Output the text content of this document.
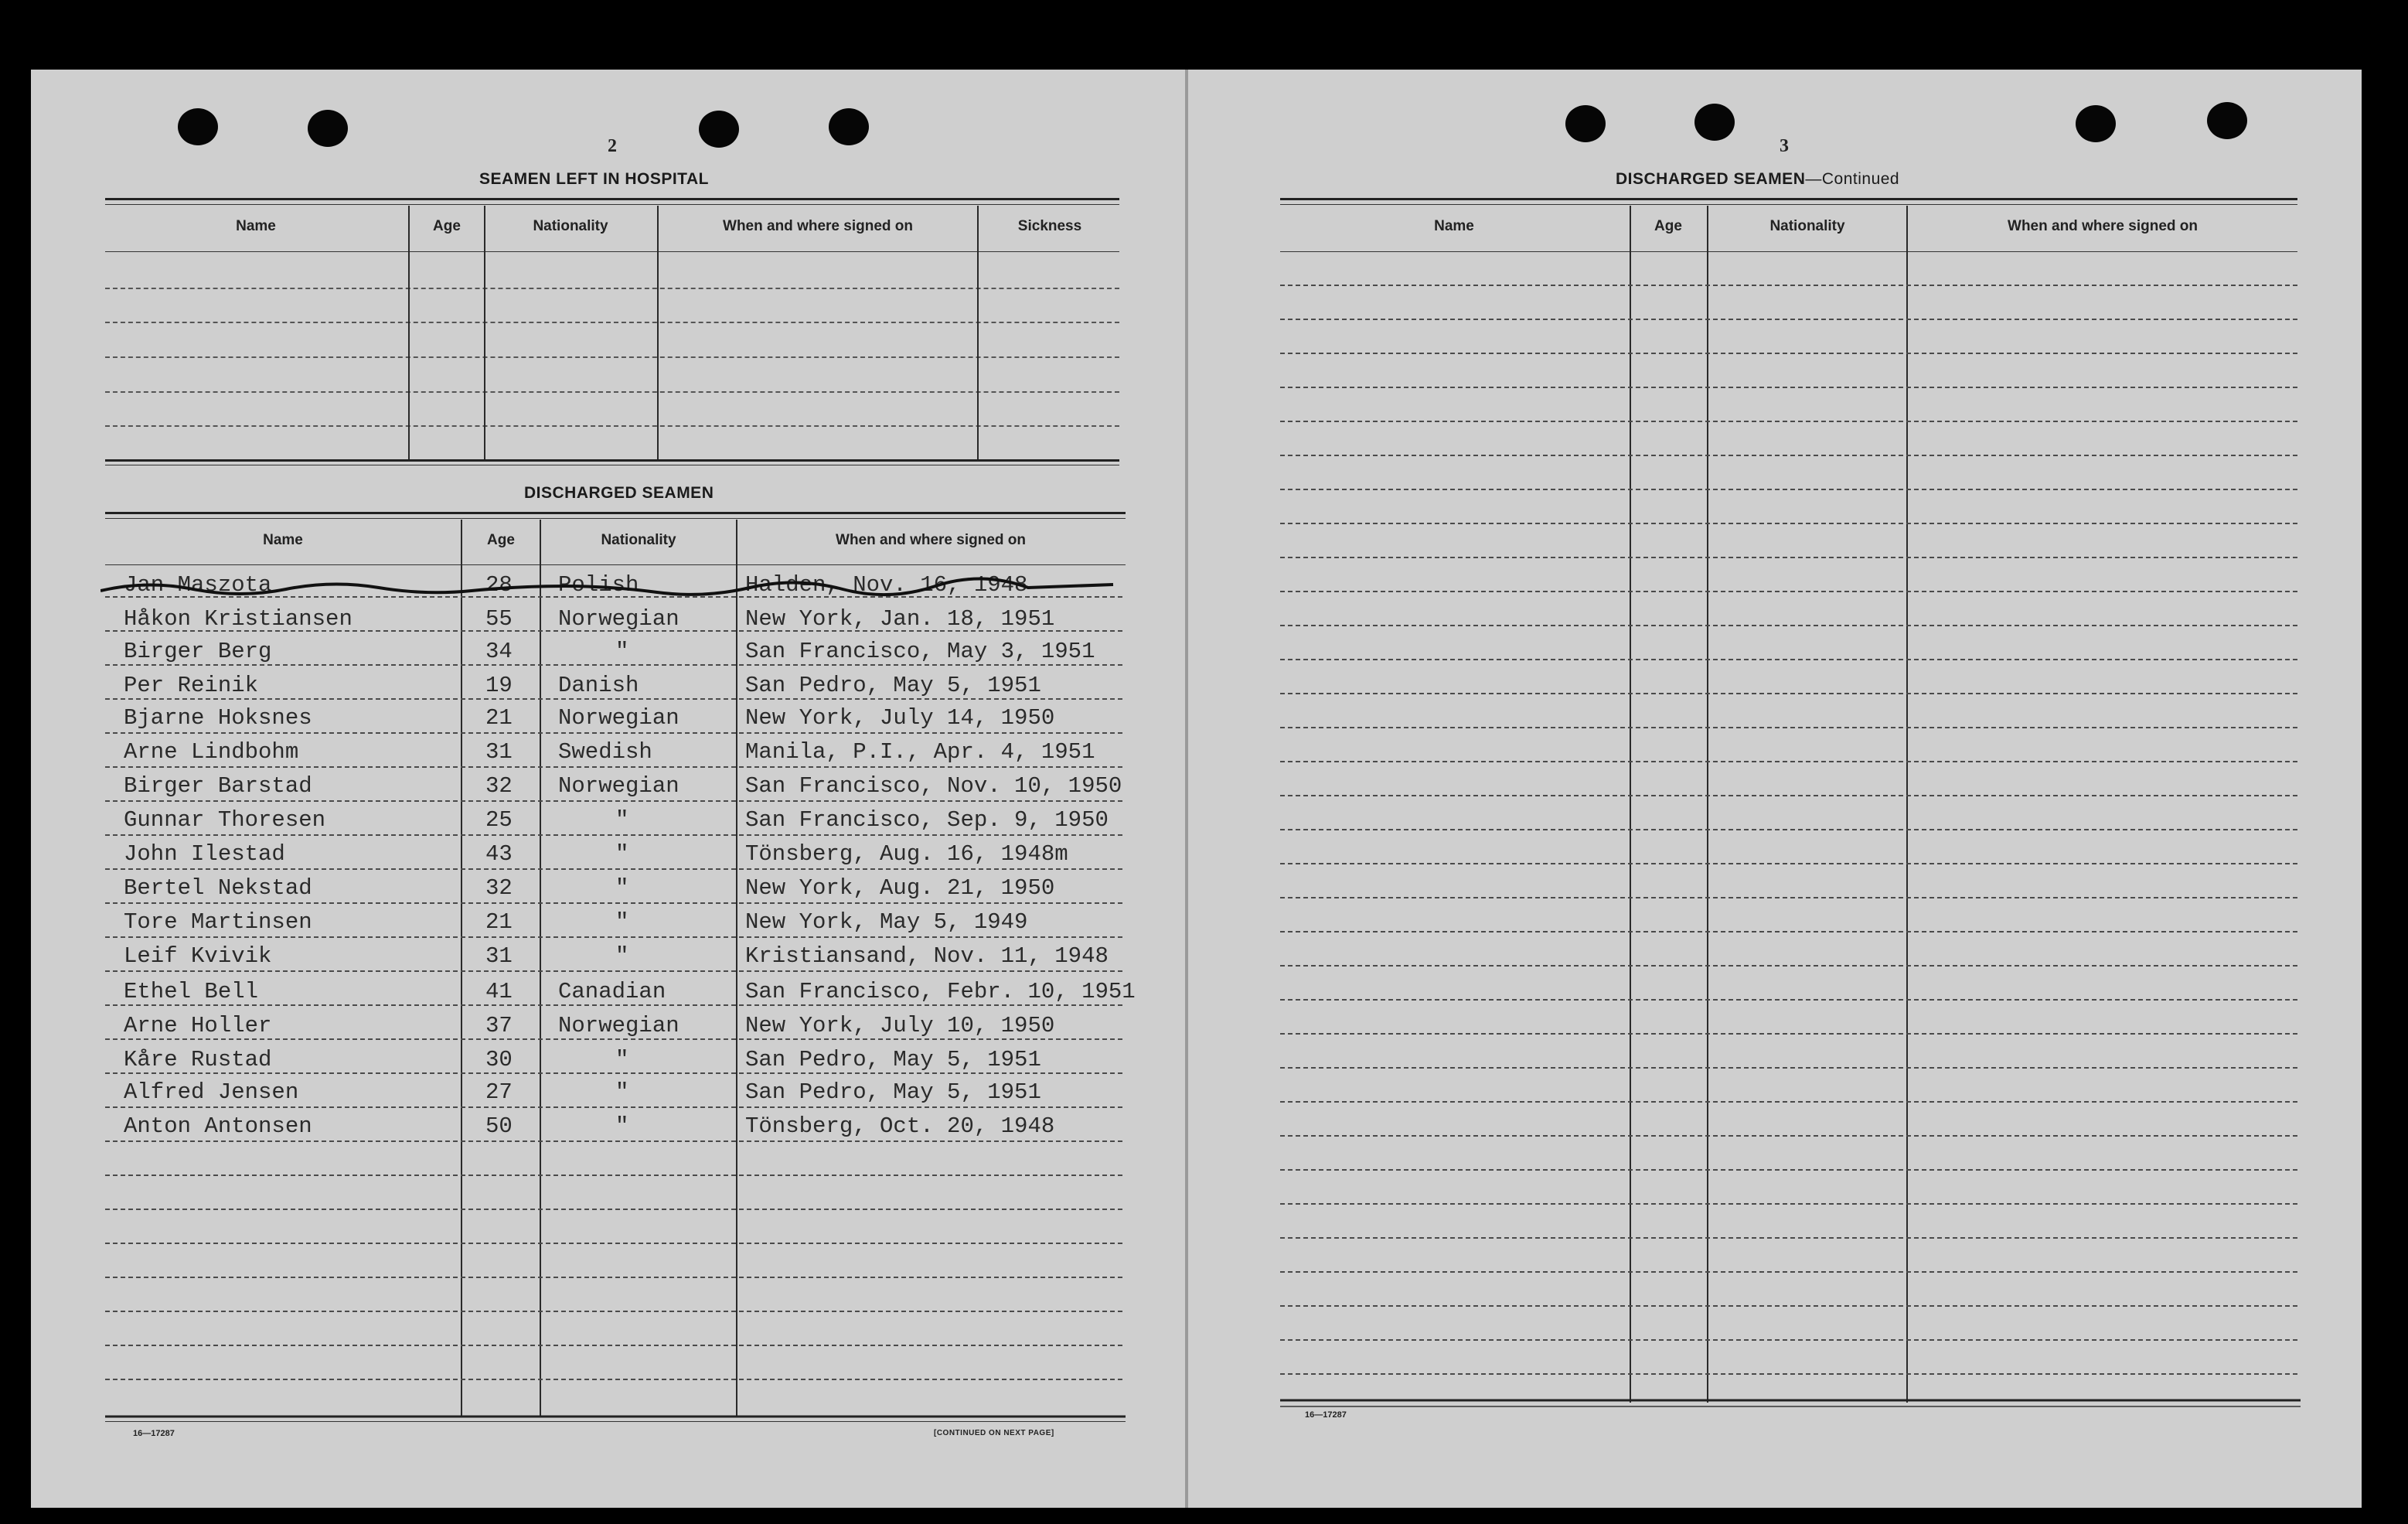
2
SEAMEN LEFT IN HOSPITAL
Name	Age	Nationality	When and where signed on	Sickness
DISCHARGED SEAMEN
Name	Age	Nationality	When and where signed on
Jan Maszota	28 Polish	Halden, Nov. 16, 1948
Håkon Kristiansen	55 Norwegian	New York, Jan. 18, 1951
Birger Berg	34	"	San Francisco, May 3, 1951
Per Reinik	19 Danish	San Pedro, May 5, 1951
Bjarne Hoksnes	21 Norwegian	New York, July 14, 1950
Arne Lindbohm	31 Swedish	Manila, P.I., Apr. 4, 1951
Birger Barstad	32 Norwegian	San Francisco, Nov. 10, 1950
Gunnar Thoresen	25	"	San Francisco, Sep. 9, 1950
John Ilestad	43	"	Tönsberg, Aug. 16, 1948m
Bertel Nekstad	32	"	New York, Aug. 21, 1950
Tore Martinsen	21	"	New York, May 5, 1949
Leif Kvivik	31	"	Kristiansand, Nov. 11, 1948
Ethel Bell	41 Canadian	San Francisco, Febr. 10, 1951
Arne Holler	37 Norwegian	New York, July 10, 1950
Kåre Rustad	30	"	San Pedro, May 5, 1951
Alfred Jensen	27	"	San Pedro, May 5, 1951
Anton Antonsen	50	"	Tönsberg, Oct. 20, 1948
16—17287	[CONTINUED ON NEXT PAGE]
3
DISCHARGED SEAMEN—Continued
Name	Age	Nationality	When and where signed on
16—17287
